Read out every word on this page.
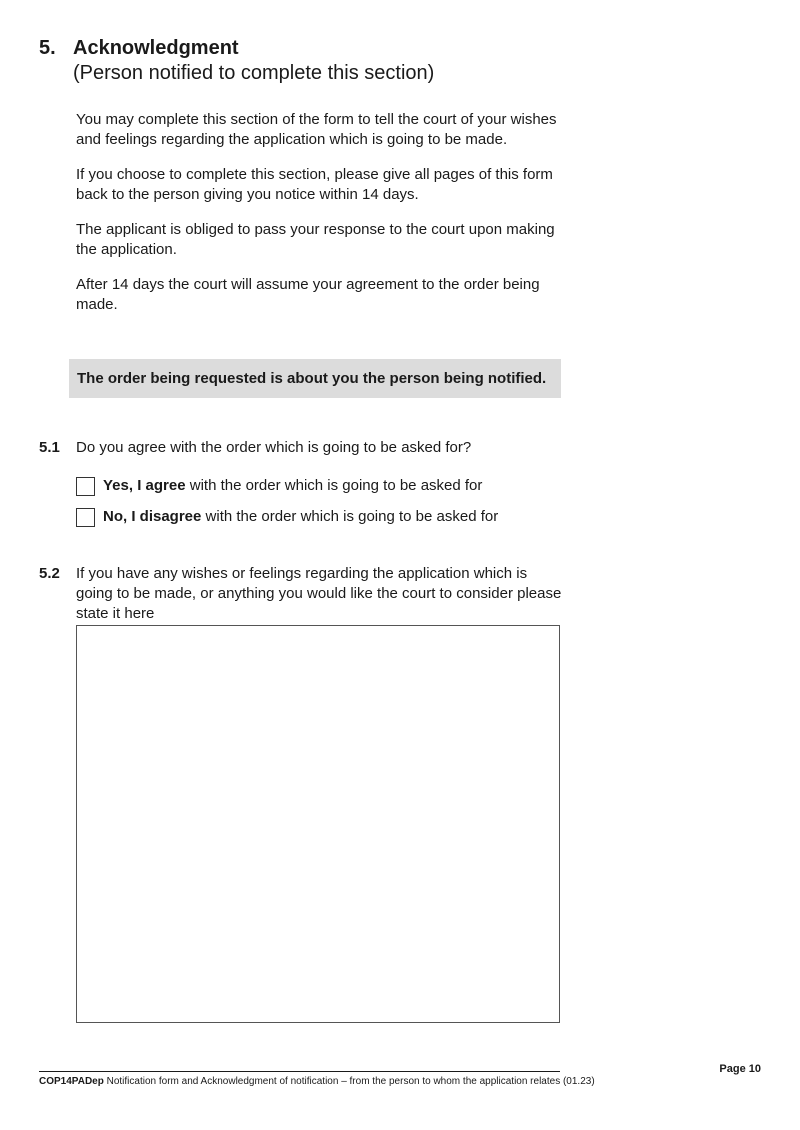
5. Acknowledgment
(Person notified to complete this section)

You may complete this section of the form to tell the court of your wishes and feelings regarding the application which is going to be made.

If you choose to complete this section, please give all pages of this form back to the person giving you notice within 14 days.

The applicant is obliged to pass your response to the court upon making the application.

After 14 days the court will assume your agreement to the order being made.

The order being requested is about you the person being notified.
5.1 Do you agree with the order which is going to be asked for?
Yes, I agree with the order which is going to be asked for
No, I disagree with the order which is going to be asked for
5.2 If you have any wishes or feelings regarding the application which is going to be made, or anything you would like the court to consider please state it here
COP14PADep Notification form and Acknowledgment of notification – from the person to whom the application relates (01.23)
Page 10
